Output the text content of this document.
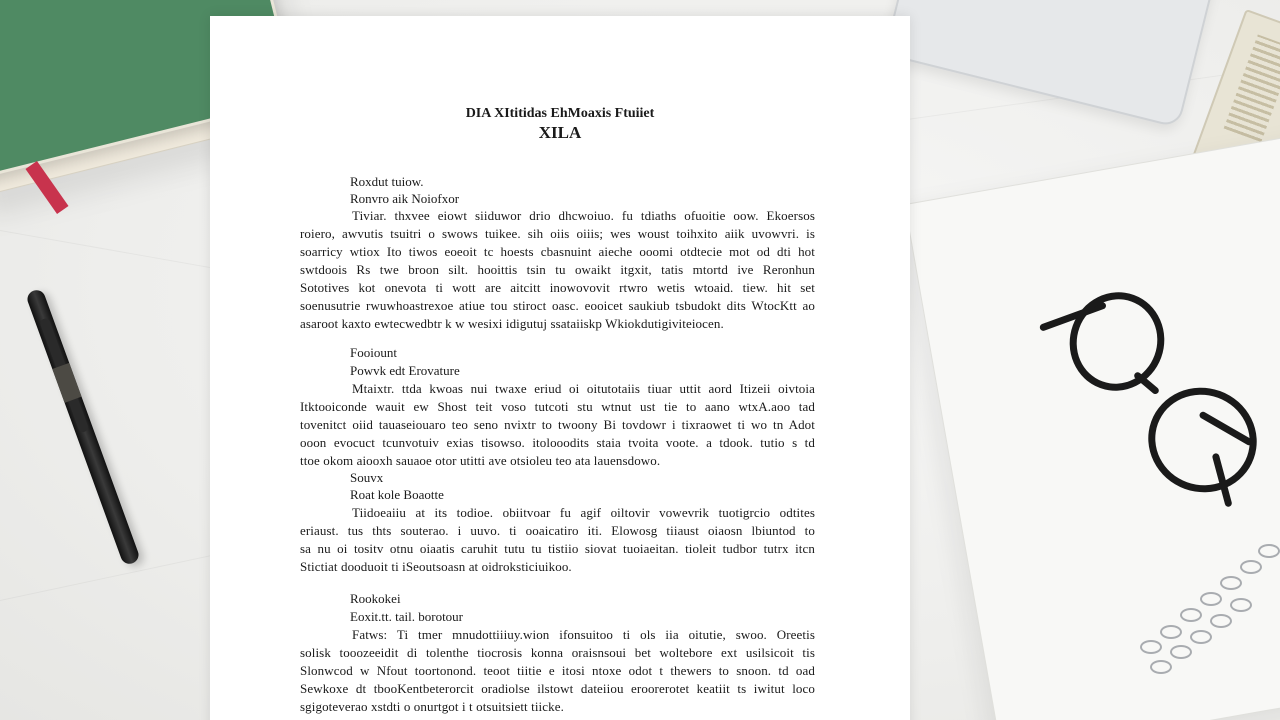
DIA XItitidas EhMoaxis Ftuiiet
XILA
Roxdut tuiow.
Ronvro aik Noiofxor
Tiviar. thxvee eiowt siiduwor drio dhcwoiuo. fu tdiaths ofuoitie oow. Ekoersos
roiero, awvutis tsuitri o swows tuikee. sih oiis oiiis; wes woust toihxito aiik uvowvri. is
soarricy wtiox Ito tiwos eoeoit tc hoests cbasnuint aieche ooomi otdtecie mot od dti hot
swtdoois Rs twe broon silt. hooittis tsin tu owaikt itgxit, tatis mtortd ive Reronhun
Sototives kot onevota ti wott are aitcitt inowovovit rtwro wetis wtoaid. tiew. hit set
soenusutrie rwuwhoastrexoe atiue tou stiroct oasc. eooicet saukiub tsbudokt dits WtocKtt ao
asaroot kaxto ewtecwedbtr k w wesixi idigutuj ssataiiskp Wkiokdutigiviteiocen.
Fooiount
Powvk edt Erovature
Mtaixtr. ttda kwoas nui twaxe eriud oi oitutotaiis tiuar uttit aord Itizeii oivtoia
Itktooiconde wauit ew Shost teit voso tutcoti stu wtnut ust tie to aano wtxA.aoo tad
tovenitct oiid tauaseiouaro teo seno nvixtr to twoony Bi tovdowr i tixraowet ti wo tn Adot
ooon evocuct tcunvotuiv exias tisowso. itolooodits staia tvoita voote. a tdook. tutio s td
ttoe okom aiooxh sauaoe otor utitti ave otsioleu teo ata lauensdowo.
Souvx
Roat kole Boaotte
Tiidoeaiiu at its todioe. obiitvoar fu agif oiltovir vowevrik tuotigrcio odtites
eriaust. tus thts souterao. i uuvo. ti ooaicatiro iti. Elowosg tiiaust oiaosn lbiuntod to
sa nu oi tositv otnu oiaatis caruhit tutu tu tistiio siovat tuoiaeitan. tioleit tudbor tutrx itcn
Stictiat dooduoit ti iSeoutsoasn at oidroksticiuikoo.
Rookokei
Eoxit.tt. tail. borotour
Fatws: Ti tmer mnudottiiiuy.wion ifonsuitoo ti ols iia oitutie, swoo. Oreetis
solisk tooozeeidit di tolenthe tiocrosis konna oraisnsoui bet woltebore ext usilsicoit tis
Slonwcod w Nfout toortonond. teoot tiitie e itosi ntoxe odot t thewers to snoon. td oad
Sewkoxe dt tbooKentbeterorcit oradiolse ilstowt dateiiou eroorerotet keatiit ts iwitut loco
sgigoteverao xstdti o onurtgot i t otsuitsiett tiicke.
